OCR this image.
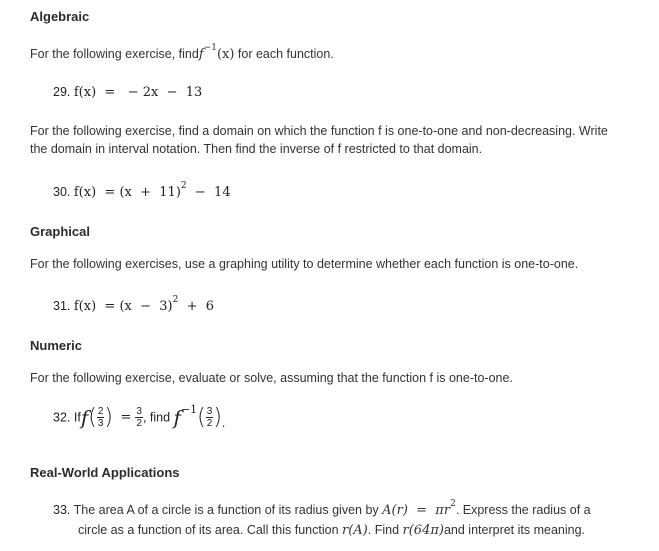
Algebraic
For the following exercise, findf$^{-1}$(x) for each function.
29. f(x)  =   − 2x  −  13
For the following exercise, find a domain on which the function f is one-to-one and non-decreasing. Write
the domain in interval notation. Then find the inverse of f restricted to that domain.
30. $f(x) = (x + 11)^2 - 14$
Graphical
For the following exercises, use a graphing utility to determine whether each function is one-to-one.
31. $f(x) = (x - 3)^2 + 6$
Numeric
For the following exercise, evaluate or solve, assuming that the function f is one-to-one.
32. $Iff( \frac{2}{3}$ ) = $\frac{3}{2}$ , find $f-1( \frac{3}{2}$ ).
Real-World Applications
33. The area A of a circle is a function of its radius given by $A(r) = \pi r^2$. Express the radius of a
circle as a function of its area. Call this function r(A). Find r(64π)and interpret its meaning.
